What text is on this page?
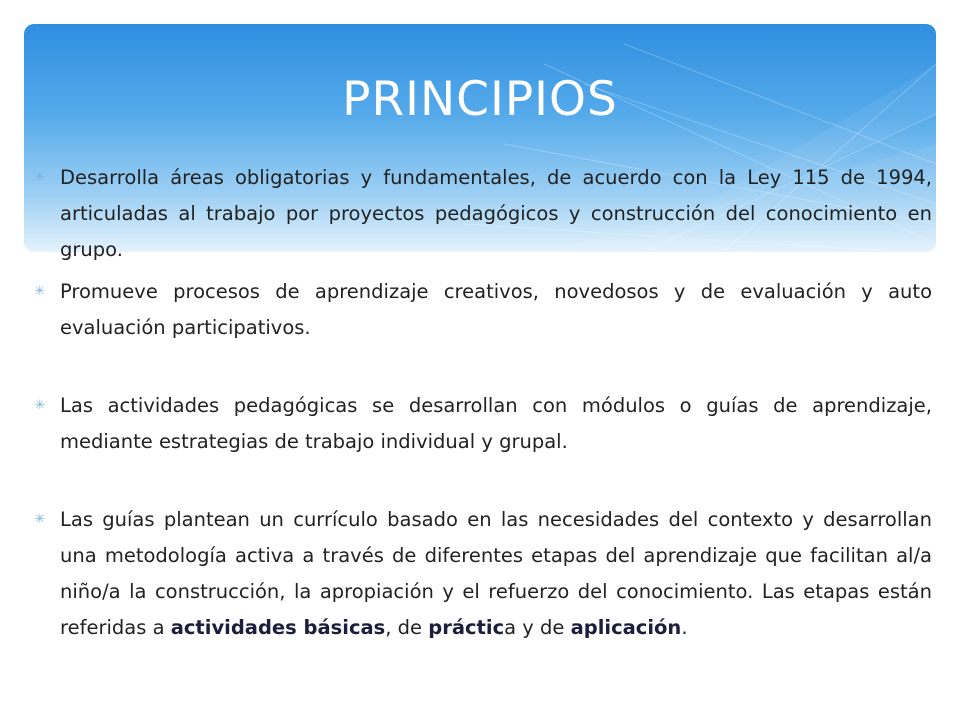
PRINCIPIOS

✳ Desarrolla áreas obligatorias y fundamentales, de acuerdo con la Ley 115 de 1994, articuladas al trabajo por proyectos pedagógicos y construcción del conocimiento en grupo.

✳ Promueve procesos de aprendizaje creativos, novedosos y de evaluación y auto evaluación participativos.

✳ Las actividades pedagógicas se desarrollan con módulos o guías de aprendizaje, mediante estrategias de trabajo individual y grupal.

✳ Las guías plantean un currículo basado en las necesidades del contexto y desarrollan una metodología activa a través de diferentes etapas del aprendizaje que facilitan al/a niño/a la construcción, la apropiación y el refuerzo del conocimiento. Las etapas están referidas a actividades básicas, de práctica y de aplicación.
